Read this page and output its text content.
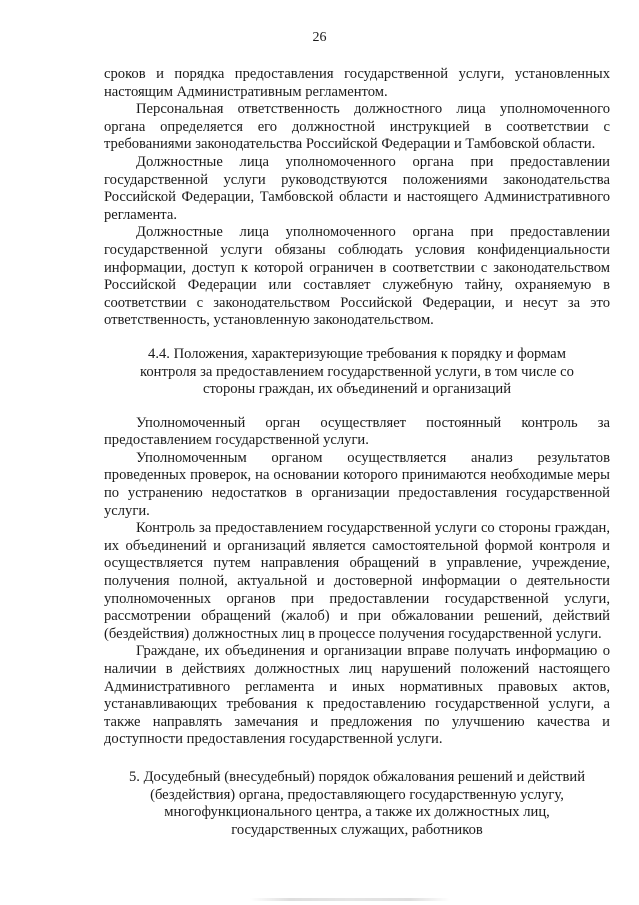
26

сроков и порядка предоставления государственной услуги, установленных настоящим Административным регламентом.

Персональная ответственность должностного лица уполномоченного органа определяется его должностной инструкцией в соответствии с требованиями законодательства Российской Федерации и Тамбовской области.

Должностные лица уполномоченного органа при предоставлении государственной услуги руководствуются положениями законодательства Российской Федерации, Тамбовской области и настоящего Административного регламента.

Должностные лица уполномоченного органа при предоставлении государственной услуги обязаны соблюдать условия конфиденциальности информации, доступ к которой ограничен в соответствии с законодательством Российской Федерации или составляет служебную тайну, охраняемую в соответствии с законодательством Российской Федерации, и несут за это ответственность, установленную законодательством.

4.4. Положения, характеризующие требования к порядку и формам
контроля за предоставлением государственной услуги, в том числе со
стороны граждан, их объединений и организаций

Уполномоченный орган осуществляет постоянный контроль за предоставлением государственной услуги.

Уполномоченным органом осуществляется анализ результатов проведенных проверок, на основании которого принимаются необходимые меры по устранению недостатков в организации предоставления государственной услуги.

Контроль за предоставлением государственной услуги со стороны граждан, их объединений и организаций является самостоятельной формой контроля и осуществляется путем направления обращений в управление, учреждение, получения полной, актуальной и достоверной информации о деятельности уполномоченных органов при предоставлении государственной услуги, рассмотрении обращений (жалоб) и при обжаловании решений, действий (бездействия) должностных лиц в процессе получения государственной услуги.

Граждане, их объединения и организации вправе получать информацию о наличии в действиях должностных лиц нарушений положений настоящего Административного регламента и иных нормативных правовых актов, устанавливающих требования к предоставлению государственной услуги, а также направлять замечания и предложения по улучшению качества и доступности предоставления государственной услуги.

5. Досудебный (внесудебный) порядок обжалования решений и действий
(бездействия) органа, предоставляющего государственную услугу,
многофункционального центра, а также их должностных лиц,
государственных служащих, работников
